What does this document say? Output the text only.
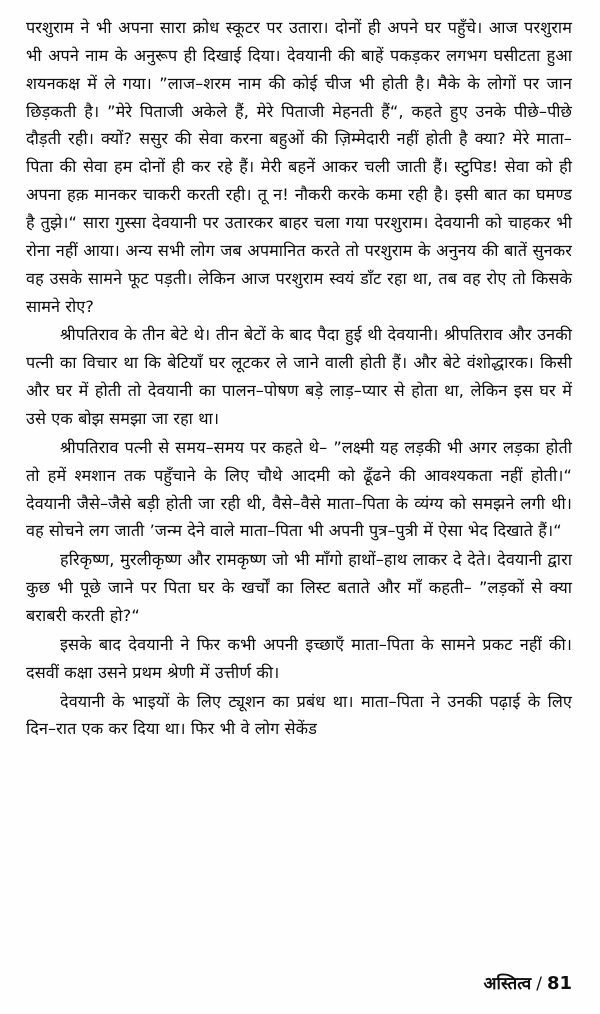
परशुराम ने भी अपना सारा क्रोध स्कूटर पर उतारा। दोनों ही अपने घर पहुँचे। आज परशुराम भी अपने नाम के अनुरूप ही दिखाई दिया। देवयानी की बाहें पकड़कर लगभग घसीटता हुआ शयनकक्ष में ले गया। ”लाज–शरम नाम की कोई चीज भी होती है। मैके के लोगों पर जान छिड़कती है। ”मेरे पिताजी अकेले हैं, मेरे पिताजी मेहनती हैं“, कहते हुए उनके पीछे–पीछे दौड़ती रही। क्यों? ससुर की सेवा करना बहुओं की ज़िम्मेदारी नहीं होती है क्या? मेरे माता–पिता की सेवा हम दोनों ही कर रहे हैं। मेरी बहनें आकर चली जाती हैं। स्टुपिड! सेवा को ही अपना हक़ मानकर चाकरी करती रही। तू न! नौकरी करके कमा रही है। इसी बात का घमण्ड है तुझे।“ सारा गुस्सा देवयानी पर उतारकर बाहर चला गया परशुराम। देवयानी को चाहकर भी रोना नहीं आया। अन्य सभी लोग जब अपमानित करते तो परशुराम के अनुनय की बातें सुनकर वह उसके सामने फूट पड़ती। लेकिन आज परशुराम स्वयं डाँट रहा था, तब वह रोए तो किसके सामने रोए?

श्रीपतिराव के तीन बेटे थे। तीन बेटों के बाद पैदा हुई थी देवयानी। श्रीपतिराव और उनकी पत्नी का विचार था कि बेटियाँ घर लूटकर ले जाने वाली होती हैं। और बेटे वंशोद्धारक। किसी और घर में होती तो देवयानी का पालन–पोषण बड़े लाड़–प्यार से होता था, लेकिन इस घर में उसे एक बोझ समझा जा रहा था।

श्रीपतिराव पत्नी से समय–समय पर कहते थे– ”लक्ष्मी यह लड़की भी अगर लड़का होती तो हमें श्मशान तक पहुँचाने के लिए चौथे आदमी को ढूँढने की आवश्यकता नहीं होती।“ देवयानी जैसे–जैसे बड़ी होती जा रही थी, वैसे–वैसे माता–पिता के व्यंग्य को समझने लगी थी। वह सोचने लग जाती ’जन्म देने वाले माता–पिता भी अपनी पुत्र–पुत्री में ऐसा भेद दिखाते हैं।“

हरिकृष्ण, मुरलीकृष्ण और रामकृष्ण जो भी माँगो हाथों–हाथ लाकर दे देते। देवयानी द्वारा कुछ भी पूछे जाने पर पिता घर के खर्चों का लिस्ट बताते और माँ कहती– ”लड़कों से क्या बराबरी करती हो?“

इसके बाद देवयानी ने फिर कभी अपनी इच्छाएँ माता–पिता के सामने प्रकट नहीं की। दसवीं कक्षा उसने प्रथम श्रेणी में उत्तीर्ण की।

देवयानी के भाइयों के लिए ट्यूशन का प्रबंध था। माता–पिता ने उनकी पढ़ाई के लिए दिन–रात एक कर दिया था। फिर भी वे लोग सेकेंड

अस्तित्व / 81
